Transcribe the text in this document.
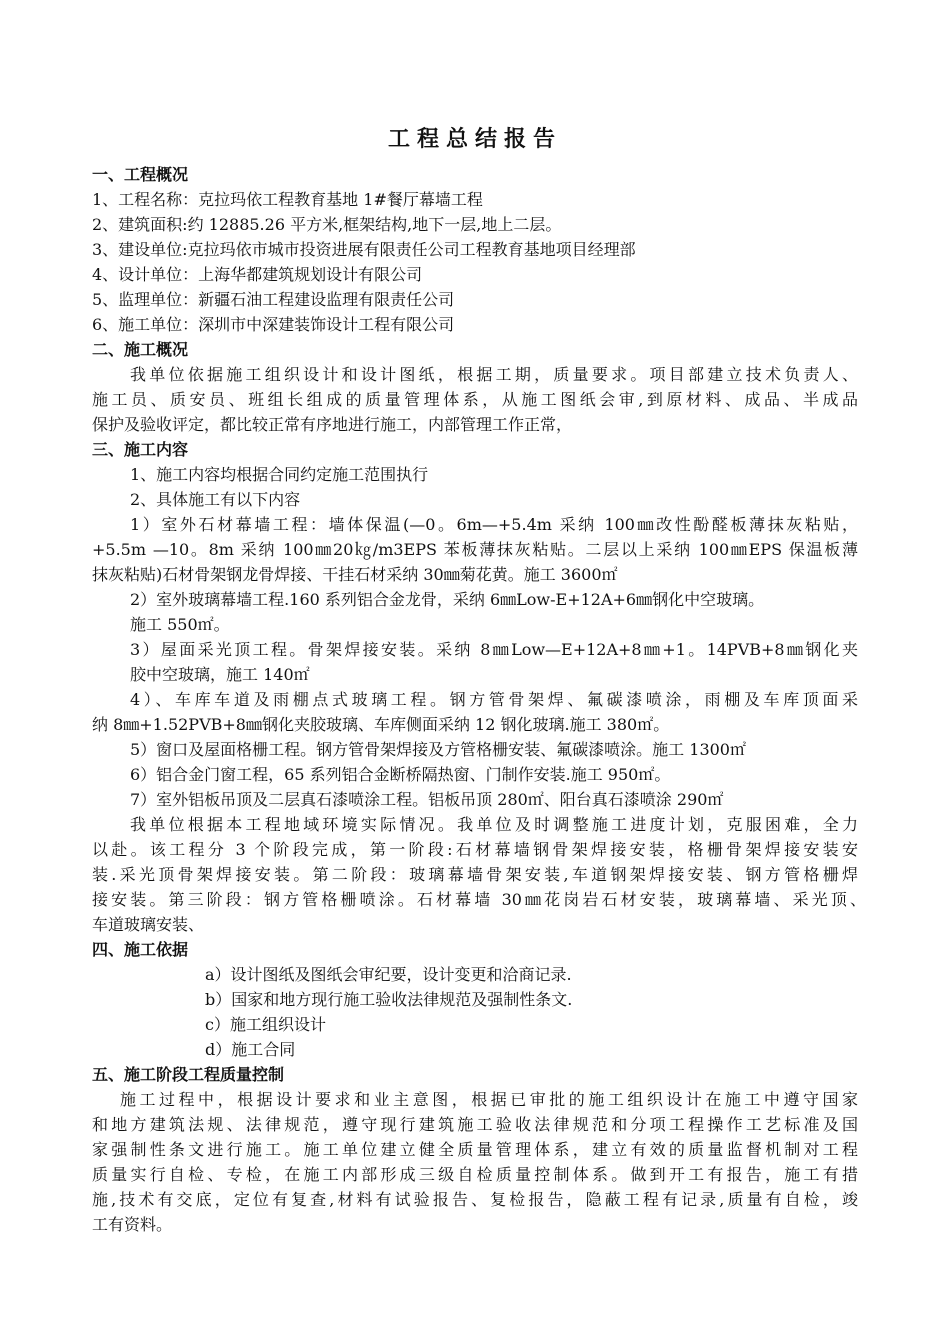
工程总结报告
一、工程概况
1、工程名称：克拉玛依工程教育基地 1#餐厅幕墙工程
2、建筑面积:约 12885.26 平方米,框架结构,地下一层,地上二层。
3、建设单位:克拉玛依市城市投资进展有限责任公司工程教育基地项目经理部
4、设计单位：上海华都建筑规划设计有限公司
5、监理单位：新疆石油工程建设监理有限责任公司
6、施工单位：深圳市中深建装饰设计工程有限公司
二、施工概况
我单位依据施工组织设计和设计图纸，根据工期，质量要求。项目部建立技术负责人、
施工员、质安员、班组长组成的质量管理体系，从施工图纸会审,到原材料、成品、半成品
保护及验收评定，都比较正常有序地进行施工，内部管理工作正常，
三、施工内容
1、施工内容均根据合同约定施工范围执行
2、具体施工有以下内容
1）室外石材幕墙工程：墙体保温(—0。6m—+5.4m 采纳 100㎜改性酚醛板薄抹灰粘贴，
+5.5m —10。8m 采纳 100㎜20㎏/m3EPS 苯板薄抹灰粘贴。二层以上采纳 100㎜EPS 保温板薄
抹灰粘贴)石材骨架钢龙骨焊接、干挂石材采纳 30㎜菊花黄。施工 3600㎡
2）室外玻璃幕墙工程.160 系列铝合金龙骨，采纳 6㎜Low-E+12A+6㎜钢化中空玻璃。
施工 550㎡。
3）屋面采光顶工程。骨架焊接安装。采纳 8㎜Low—E+12A+8㎜+1。14PVB+8㎜钢化夹
胶中空玻璃，施工 140㎡
4）、车库车道及雨棚点式玻璃工程。钢方管骨架焊、氟碳漆喷涂，雨棚及车库顶面采
纳 8㎜+1.52PVB+8㎜钢化夹胶玻璃、车库侧面采纳 12 钢化玻璃.施工 380㎡。
5）窗口及屋面格栅工程。钢方管骨架焊接及方管格栅安装、氟碳漆喷涂。施工 1300㎡
6）铝合金门窗工程，65 系列铝合金断桥隔热窗、门制作安装.施工 950㎡。
7）室外铝板吊顶及二层真石漆喷涂工程。铝板吊顶 280㎡、阳台真石漆喷涂 290㎡
我单位根据本工程地域环境实际情况。我单位及时调整施工进度计划，克服困难，全力
以赴。该工程分 3 个阶段完成，第一阶段:石材幕墙钢骨架焊接安装，格栅骨架焊接安装安
装.采光顶骨架焊接安装。第二阶段：玻璃幕墙骨架安装,车道钢架焊接安装、钢方管格栅焊
接安装。第三阶段：钢方管格栅喷涂。石材幕墙 30㎜花岗岩石材安装，玻璃幕墙、采光顶、
车道玻璃安装、
四、施工依据
a）设计图纸及图纸会审纪要，设计变更和洽商记录.
b）国家和地方现行施工验收法律规范及强制性条文.
c）施工组织设计
d）施工合同
五、施工阶段工程质量控制
施工过程中，根据设计要求和业主意图，根据已审批的施工组织设计在施工中遵守国家
和地方建筑法规、法律规范，遵守现行建筑施工验收法律规范和分项工程操作工艺标准及国
家强制性条文进行施工。施工单位建立健全质量管理体系，建立有效的质量监督机制对工程
质量实行自检、专检，在施工内部形成三级自检质量控制体系。做到开工有报告，施工有措
施,技术有交底，定位有复查,材料有试验报告、复检报告，隐蔽工程有记录,质量有自检，竣
工有资料。
